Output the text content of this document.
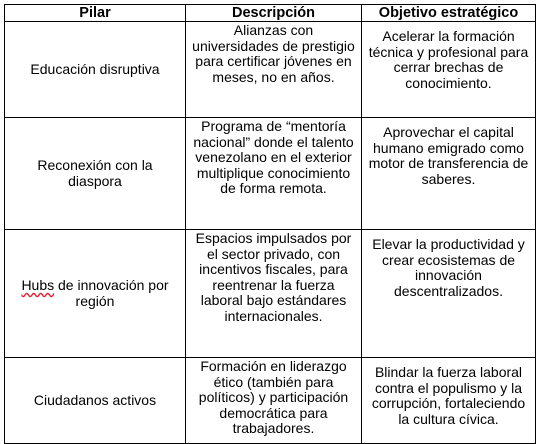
Pilar	Descripción	Objetivo estratégico
Educación disruptiva	Alianzas con universidades de prestigio para certificar jóvenes en meses, no en años.	Acelerar la formación técnica y profesional para cerrar brechas de conocimiento.
Reconexión con la diaspora	Programa de “mentoría nacional” donde el talento venezolano en el exterior multiplique conocimiento de forma remota.	Aprovechar el capital humano emigrado como motor de transferencia de saberes.
Hubs de innovación por región	Espacios impulsados por el sector privado, con incentivos fiscales, para reentrenar la fuerza laboral bajo estándares internacionales.	Elevar la productividad y crear ecosistemas de innovación descentralizados.
Ciudadanos activos	Formación en liderazgo ético (también para políticos) y participación democrática para trabajadores.	Blindar la fuerza laboral contra el populismo y la corrupción, fortaleciendo la cultura cívica.
